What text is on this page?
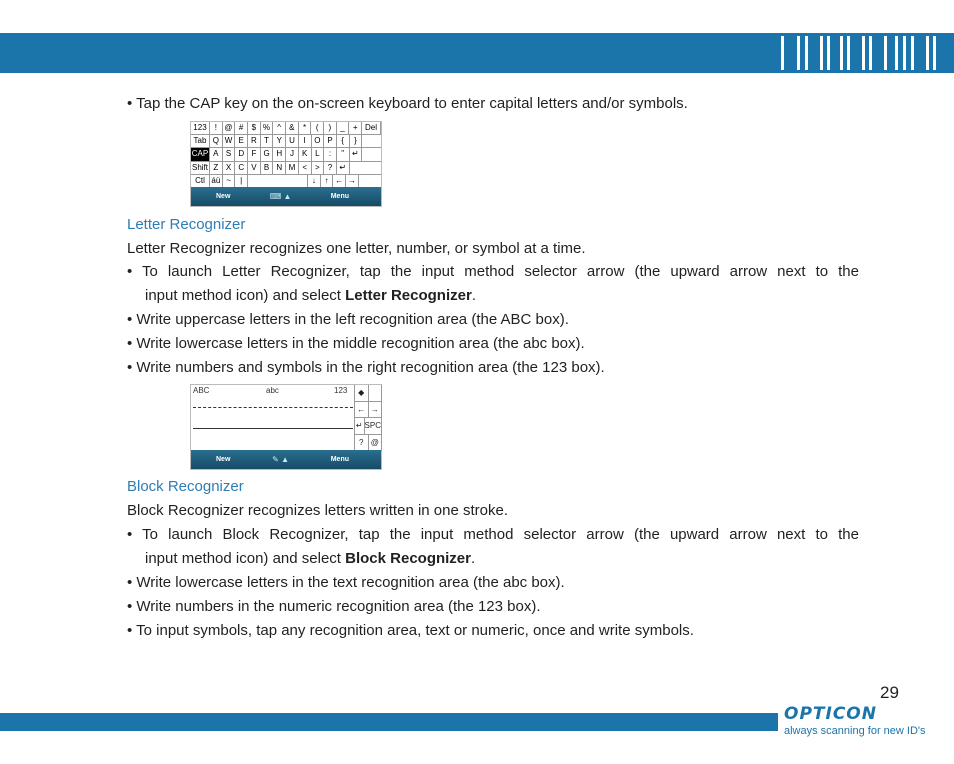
• Tap the CAP key on the on-screen keyboard to enter capital letters and/or symbols.
123	! @ #	$ % ^	&	*	(	)	_	+ Del
Tab Q W E R T Y U	I	O P	{	}
CAP A S D F G H J	K L	:	" ↵
Shift Z X C V B N M <	>	? ↵
Ctl áü ~	|	↓	↑ ← →
New	⌨ ▲	Menu
Letter Recognizer
Letter Recognizer recognizes one letter, number, or symbol at a time.
• To launch Letter Recognizer, tap the input method selector arrow (the upward arrow next to the
input method icon) and select Letter Recognizer.
• Write uppercase letters in the left recognition area (the ABC box).
• Write lowercase letters in the middle recognition area (the abc box).
• Write numbers and symbols in the right recognition area (the 123 box).
ABC	abc	123	◆
← →
↵ SPC
? @
New	✎ ▲	Menu
Block Recognizer
Block Recognizer recognizes letters written in one stroke.
• To launch Block Recognizer, tap the input method selector arrow (the upward arrow next to the
input method icon) and select Block Recognizer.
• Write lowercase letters in the text recognition area (the abc box).
• Write numbers in the numeric recognition area (the 123 box).
• To input symbols, tap any recognition area, text or numeric, once and write symbols.
29
OPTICON
always scanning for new ID's
